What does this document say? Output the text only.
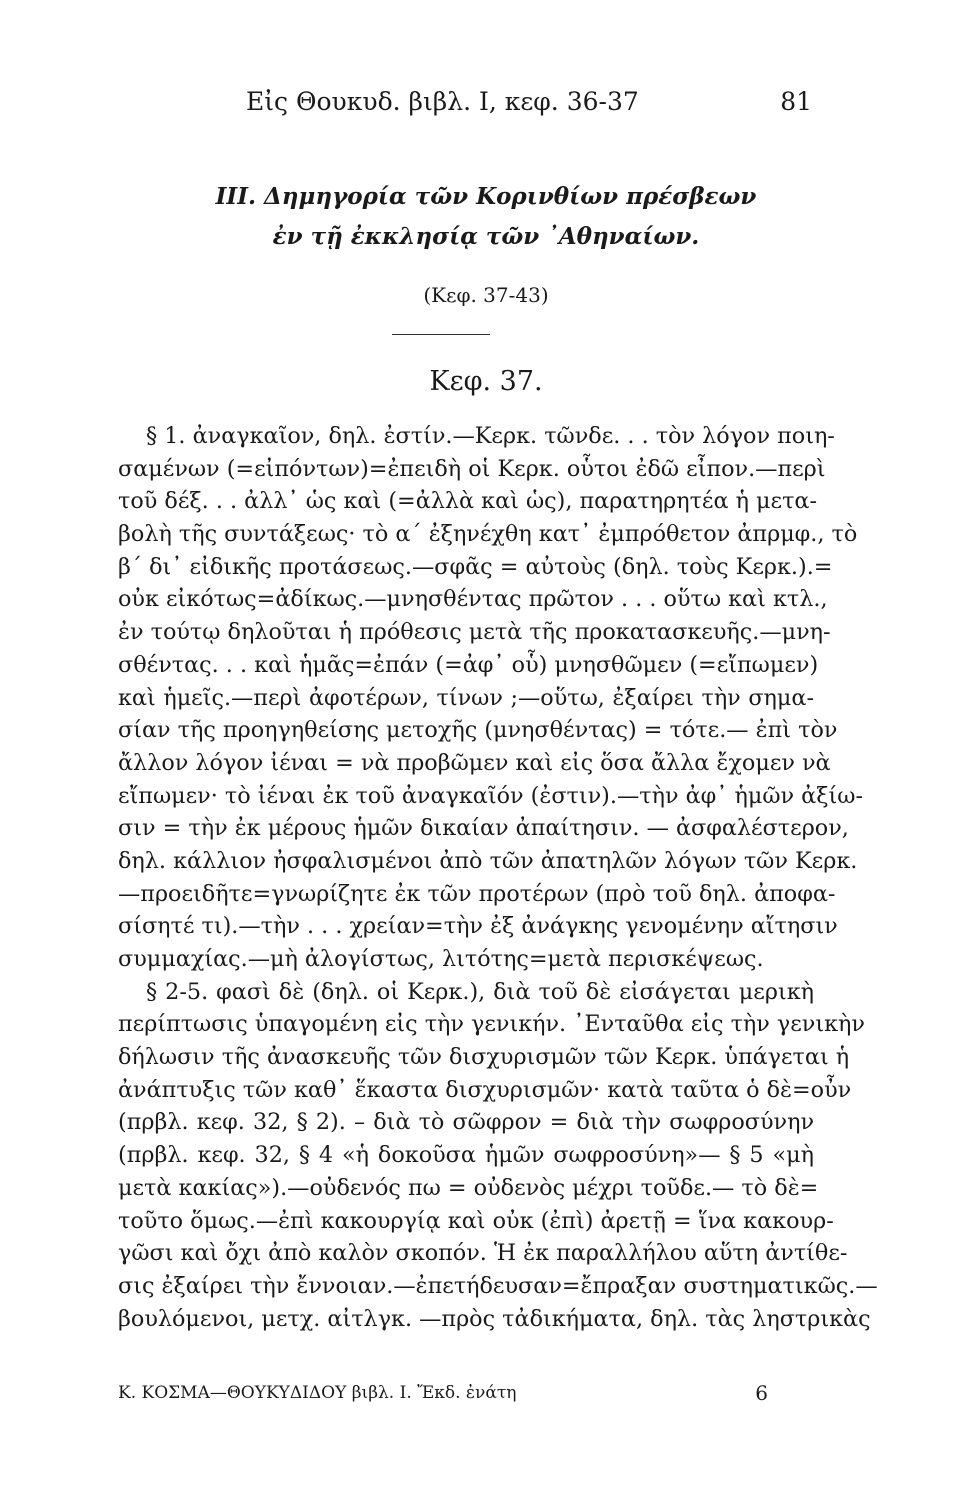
Εἰς Θουκυδ. βιβλ. I, κεφ. 36-37	81
III. Δημηγορία τῶν Κορινθίων πρέσβεων
ἐν τῇ ἐκκλησίᾳ τῶν ᾿Αθηναίων.
(Κεφ. 37-43)
Κεφ. 37.
§ 1. ἀναγκαῖον, δηλ. ἐστίν.—Κερκ. τῶνδε. . . τὸν λόγον ποιη-
σαμένων (=εἰπόντων)=ἐπειδὴ οἱ Κερκ. οὗτοι ἐδῶ εἶπον.—περὶ
τοῦ δέξ. . . ἀλλ᾿ ὡς καὶ (=ἀλλὰ καὶ ὡς), παρατηρητέα ἡ μετα-
βολὴ τῆς συντάξεως· τὸ α΄ ἐξηνέχθη κατ᾿ ἐμπρόθετον ἀπρμφ., τὸ
β΄ δι᾿ εἰδικῆς προτάσεως.—σφᾶς = αὐτοὺς (δηλ. τοὺς Κερκ.).=
οὐκ εἰκότως=ἀδίκως.—μνησθέντας πρῶτον . . . οὕτω καὶ κτλ.,
ἐν τούτῳ δηλοῦται ἡ πρόθεσις μετὰ τῆς προκατασκευῆς.—μνη-
σθέντας. . . καὶ ἡμᾶς=ἐπάν (=ἀφ᾿ οὗ) μνησθῶμεν (=εἴπωμεν)
καὶ ἡμεῖς.—περὶ ἀφοτέρων, τίνων ;—οὕτω, ἐξαίρει τὴν σημα-
σίαν τῆς προηγηθείσης μετοχῆς (μνησθέντας) = τότε.— ἐπὶ τὸν
ἄλλον λόγον ἰέναι = νὰ προβῶμεν καὶ εἰς ὅσα ἄλλα ἔχομεν νὰ
εἴπωμεν· τὸ ἰέναι ἐκ τοῦ ἀναγκαῖόν (ἐστιν).—τὴν ἀφ᾿ ἡμῶν ἀξίω-
σιν = τὴν ἐκ μέρους ἡμῶν δικαίαν ἀπαίτησιν. — ἀσφαλέστερον,
δηλ. κάλλιον ἠσφαλισμένοι ἀπὸ τῶν ἀπατηλῶν λόγων τῶν Κερκ.
—προειδῆτε=γνωρίζητε ἐκ τῶν προτέρων (πρὸ τοῦ δηλ. ἀποφα-
σίσητέ τι).—τὴν . . . χρείαν=τὴν ἐξ ἀνάγκης γενομένην αἴτησιν
συμμαχίας.—μὴ ἀλογίστως, λιτότης=μετὰ περισκέψεως.
§ 2-5. φασὶ δὲ (δηλ. οἱ Κερκ.), διὰ τοῦ δὲ εἰσάγεται μερικὴ
περίπτωσις ὑπαγομένη εἰς τὴν γενικήν. ᾿Ενταῦθα εἰς τὴν γενικὴν
δήλωσιν τῆς ἀνασκευῆς τῶν δισχυρισμῶν τῶν Κερκ. ὑπάγεται ἡ
ἀνάπτυξις τῶν καθ᾿ ἕκαστα δισχυρισμῶν· κατὰ ταῦτα ὁ δὲ=οὖν
(πρβλ. κεφ. 32, § 2). – διὰ τὸ σῶφρον = διὰ τὴν σωφροσύνην
(πρβλ. κεφ. 32, § 4 «ἡ δοκοῦσα ἡμῶν σωφροσύνη»— § 5 «μὴ
μετὰ κακίας»).—οὐδενός πω = οὐδενὸς μέχρι τοῦδε.— τὸ δὲ=
τοῦτο ὅμως.—ἐπὶ κακουργίᾳ καὶ οὐκ (ἐπὶ) ἀρετῇ = ἵνα κακουρ-
γῶσι καὶ ὄχι ἀπὸ καλὸν σκοπόν. Ἡ ἐκ παραλλήλου αὕτη ἀντίθε-
σις ἐξαίρει τὴν ἔννοιαν.—ἐπετήδευσαν=ἔπραξαν συστηματικῶς.—
βουλόμενοι, μετχ. αἰτλγκ. —πρὸς τἀδικήματα, δηλ. τὰς ληστρικὰς
Κ. ΚΟΣΜΑ—ΘΟΥΚΥΔΙΔΟΥ βιβλ. Ι. Ἔκδ. ἐνάτη	6
